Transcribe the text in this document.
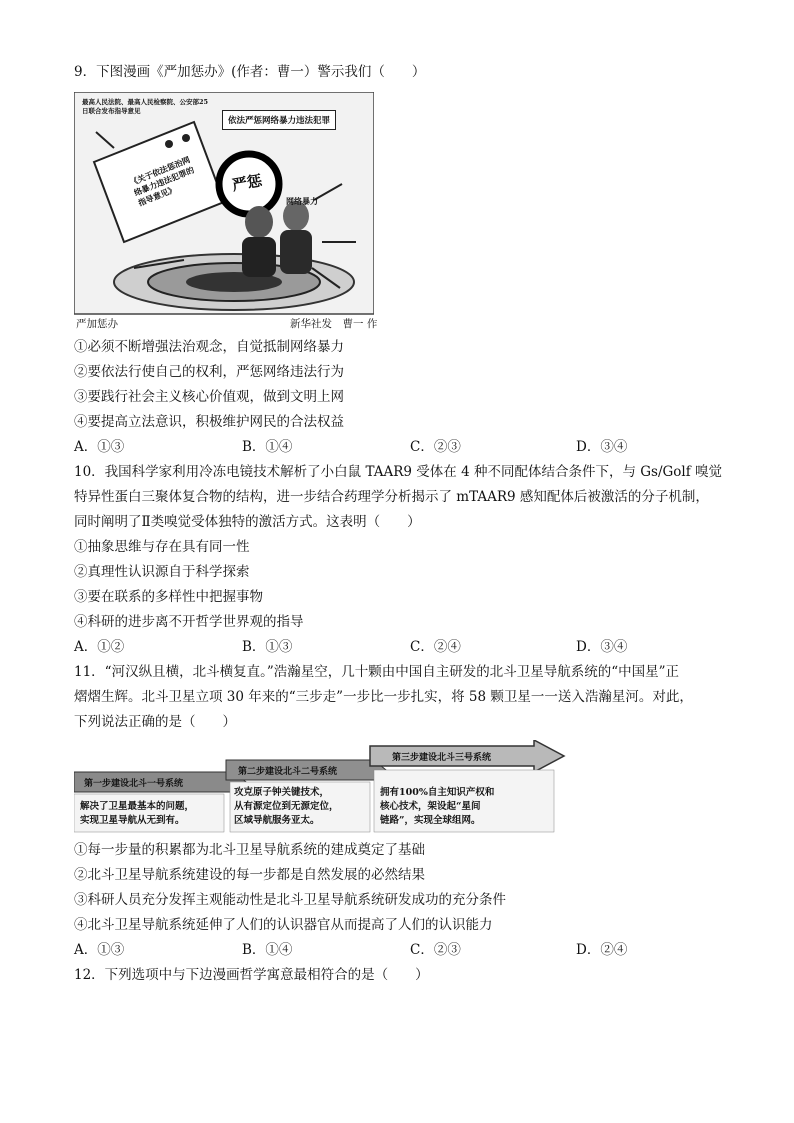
9．下图漫画《严加惩办》(作者：曹一）警示我们（　　）
最高人民法院、最高人民检察院、公安部25日联合发布指导意见
依法严惩网络暴力违法犯罪
《关于依法惩治网络暴力违法犯罪的指导意见》
严惩
网络暴力
严加惩办	新华社发　曹一 作
①必须不断增强法治观念，自觉抵制网络暴力
②要依法行使自己的权利，严惩网络违法行为
③要践行社会主义核心价值观，做到文明上网
④要提高立法意识，积极维护网民的合法权益
A．①③	B．①④	C．②③	D．③④
10．我国科学家利用冷冻电镜技术解析了小白鼠 TAAR9 受体在 4 种不同配体结合条件下，与 Gs/Golf 嗅觉
特异性蛋白三聚体复合物的结构，进一步结合药理学分析揭示了 mTAAR9 感知配体后被激活的分子机制，
同时阐明了Ⅱ类嗅觉受体独特的激活方式。这表明（　　）
①抽象思维与存在具有同一性
②真理性认识源自于科学探索
③要在联系的多样性中把握事物
④科研的进步离不开哲学世界观的指导
A．①②	B．①③	C．②④	D．③④
11．“河汉纵且横，北斗横复直。”浩瀚星空，几十颗由中国自主研发的北斗卫星导航系统的“中国星”正
熠熠生辉。北斗卫星立项 30 年来的“三步走”一步比一步扎实，将 58 颗卫星一一送入浩瀚星河。对此，
下列说法正确的是（　　）
第一步建设北斗一号系统
第二步建设北斗二号系统
第三步建设北斗三号系统
解决了卫星最基本的问题，
实现卫星导航从无到有。
攻克原子钟关键技术，
从有源定位到无源定位，
区域导航服务亚太。
拥有100%自主知识产权和
核心技术，架设起“星间
链路”，实现全球组网。
①每一步量的积累都为北斗卫星导航系统的建成奠定了基础
②北斗卫星导航系统建设的每一步都是自然发展的必然结果
③科研人员充分发挥主观能动性是北斗卫星导航系统研发成功的充分条件
④北斗卫星导航系统延伸了人们的认识器官从而提高了人们的认识能力
A．①③	B．①④	C．②③	D．②④
12．下列选项中与下边漫画哲学寓意最相符合的是（　　）
